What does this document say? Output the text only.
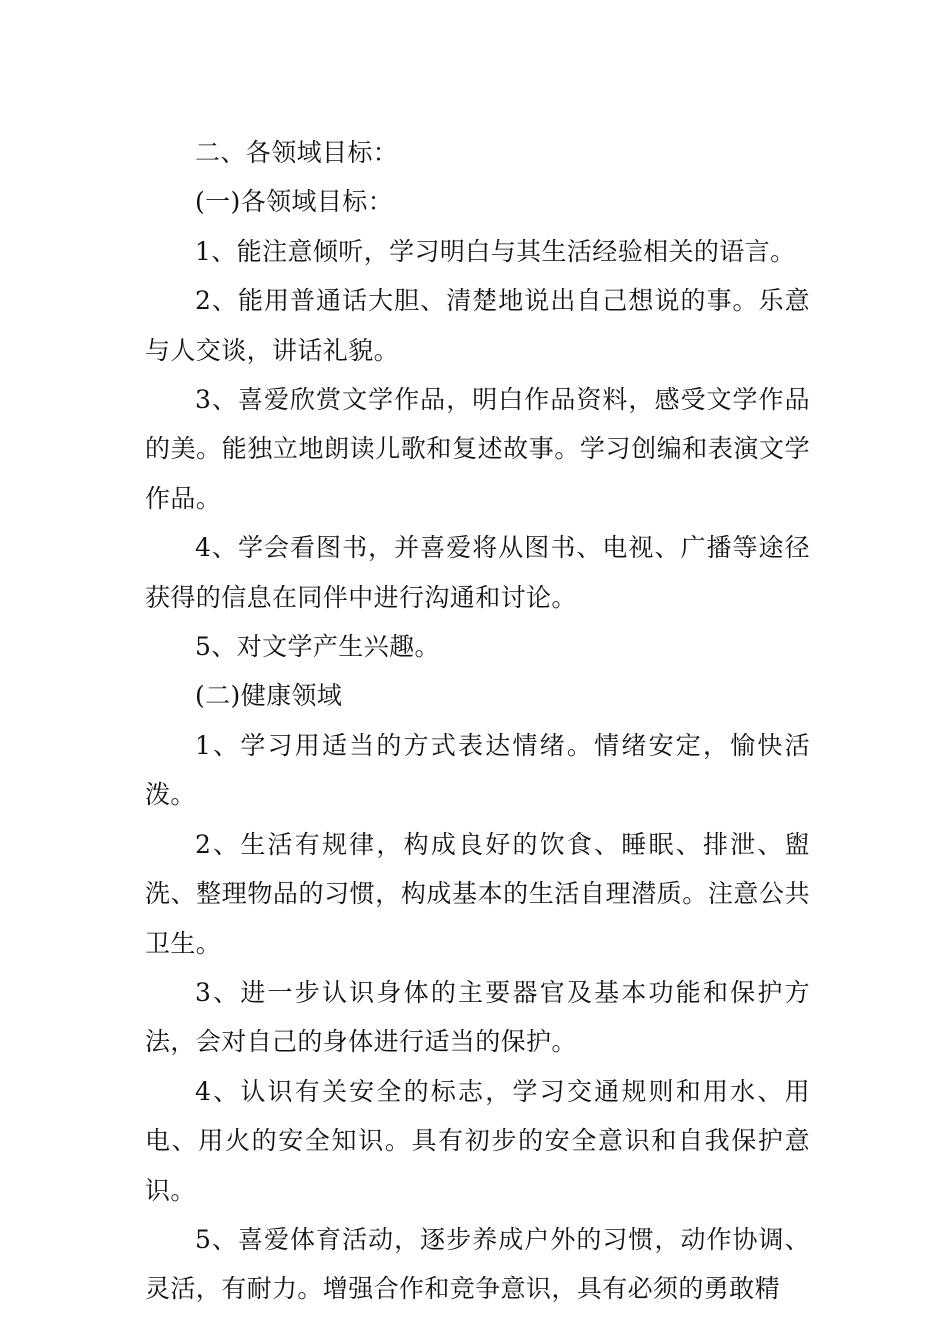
二、各领域目标：

(一)各领域目标：

1、能注意倾听，学习明白与其生活经验相关的语言。

2、能用普通话大胆、清楚地说出自己想说的事。乐意与人交谈，讲话礼貌。

3、喜爱欣赏文学作品，明白作品资料，感受文学作品的美。能独立地朗读儿歌和复述故事。学习创编和表演文学作品。

4、学会看图书，并喜爱将从图书、电视、广播等途径获得的信息在同伴中进行沟通和讨论。

5、对文学产生兴趣。

(二)健康领域

1、学习用适当的方式表达情绪。情绪安定，愉快活泼。

2、生活有规律，构成良好的饮食、睡眠、排泄、盥洗、整理物品的习惯，构成基本的生活自理潜质。注意公共卫生。

3、进一步认识身体的主要器官及基本功能和保护方法，会对自己的身体进行适当的保护。

4、认识有关安全的标志，学习交通规则和用水、用电、用火的安全知识。具有初步的安全意识和自我保护意识。

5、喜爱体育活动，逐步养成户外的习惯，动作协调、灵活，有耐力。增强合作和竞争意识，具有必须的勇敢精
